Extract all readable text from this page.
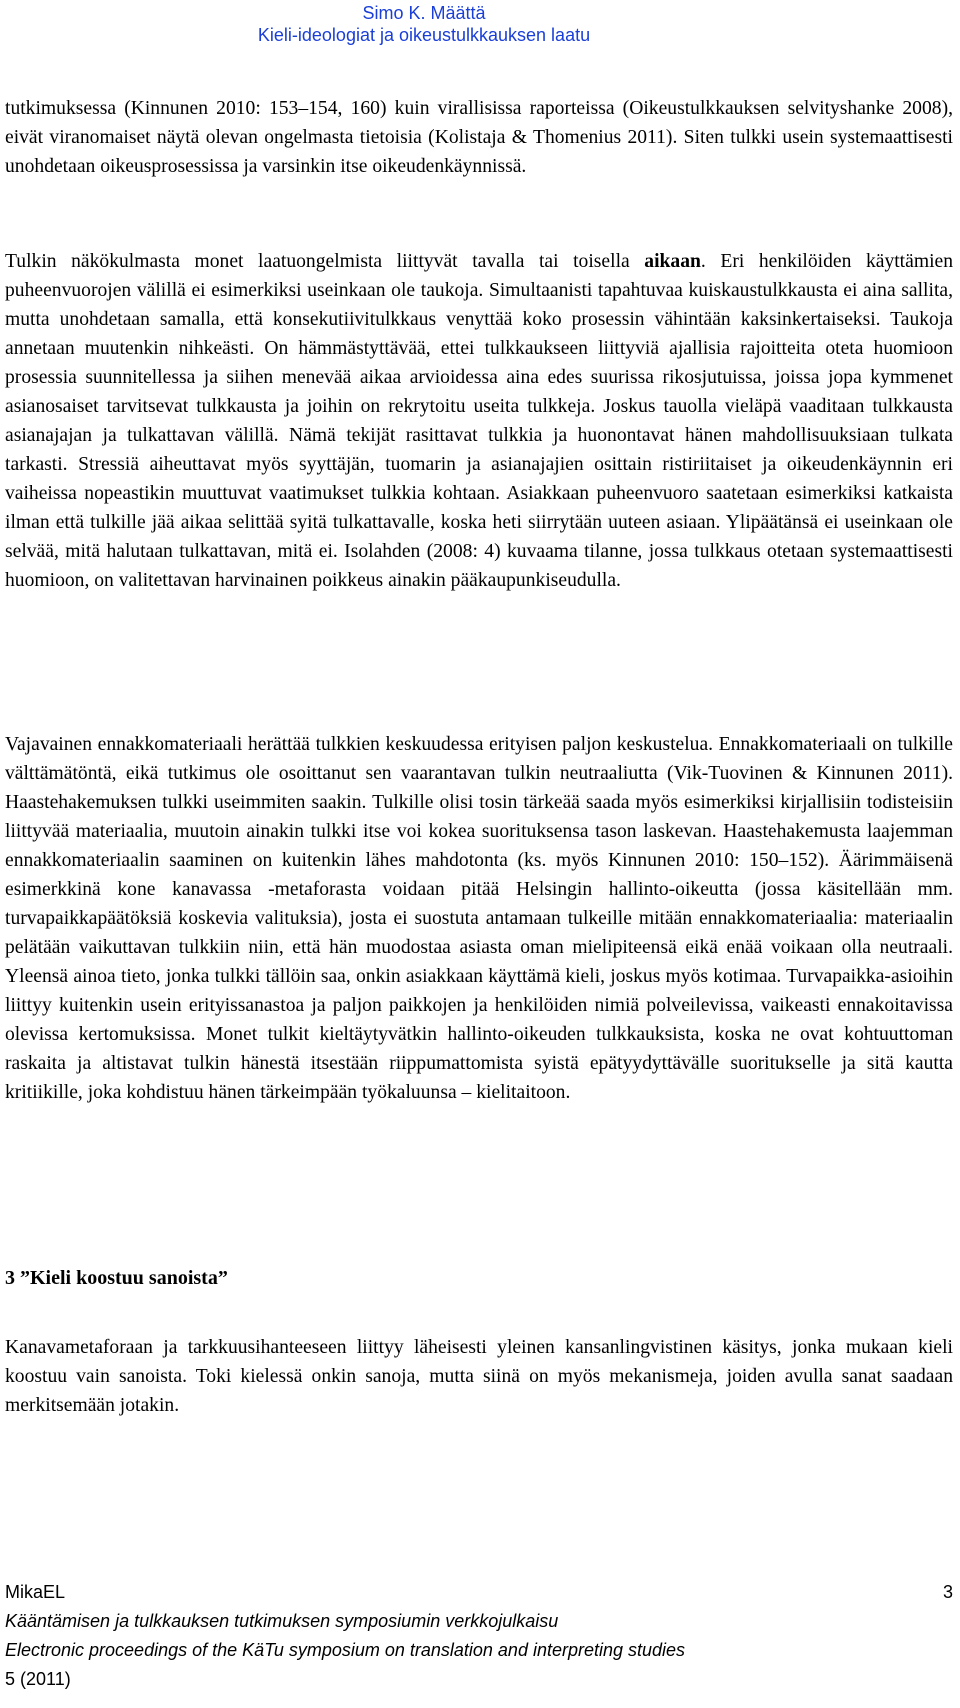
Simo K. Määttä
Kieli-ideologiat ja oikeustulkkauksen laatu

tutkimuksessa (Kinnunen 2010: 153–154, 160) kuin virallisissa raporteissa (Oikeustulkkauksen selvityshanke 2008), eivät viranomaiset näytä olevan ongelmasta tietoisia (Kolistaja & Thomenius 2011). Siten tulkki usein systemaattisesti unohdetaan oikeusprosessissa ja varsinkin itse oikeudenkäynnissä.

Tulkin näkökulmasta monet laatuongelmista liittyvät tavalla tai toisella aikaan. Eri henkilöiden käyttämien puheenvuorojen välillä ei esimerkiksi useinkaan ole taukoja. Simultaanisti tapahtuvaa kuiskaustulkkausta ei aina sallita, mutta unohdetaan samalla, että konsekutiivitulkkaus venyttää koko prosessin vähintään kaksinkertaiseksi. Taukoja annetaan muutenkin nihkeästi. On hämmästyttävää, ettei tulkkaukseen liittyviä ajallisia rajoitteita oteta huomioon prosessia suunnitellessa ja siihen menevää aikaa arvioidessa aina edes suurissa rikosjutuissa, joissa jopa kymmenet asianosaiset tarvitsevat tulkkausta ja joihin on rekrytoitu useita tulkkeja. Joskus tauolla vieläpä vaaditaan tulkkausta asianajajan ja tulkattavan välillä. Nämä tekijät rasittavat tulkkia ja huonontavat hänen mahdollisuuksiaan tulkata tarkasti. Stressiä aiheuttavat myös syyttäjän, tuomarin ja asianajajien osittain ristiriitaiset ja oikeudenkäynnin eri vaiheissa nopeastikin muuttuvat vaatimukset tulkkia kohtaan. Asiakkaan puheenvuoro saatetaan esimerkiksi katkaista ilman että tulkille jää aikaa selittää syitä tulkattavalle, koska heti siirrytään uuteen asiaan. Ylipäätänsä ei useinkaan ole selvää, mitä halutaan tulkattavan, mitä ei. Isolahden (2008: 4) kuvaama tilanne, jossa tulkkaus otetaan systemaattisesti huomioon, on valitettavan harvinainen poikkeus ainakin pääkaupunkiseudulla.

Vajavainen ennakkomateriaali herättää tulkkien keskuudessa erityisen paljon keskustelua. Ennakkomateriaali on tulkille välttämätöntä, eikä tutkimus ole osoittanut sen vaarantavan tulkin neutraaliutta (Vik-Tuovinen & Kinnunen 2011). Haastehakemuksen tulkki useimmiten saakin. Tulkille olisi tosin tärkeää saada myös esimerkiksi kirjallisiin todisteisiin liittyvää materiaalia, muutoin ainakin tulkki itse voi kokea suorituksensa tason laskevan. Haastehakemusta laajemman ennakkomateriaalin saaminen on kuitenkin lähes mahdotonta (ks. myös Kinnunen 2010: 150–152). Äärimmäisenä esimerkkinä kone kanavassa -metaforasta voidaan pitää Helsingin hallinto-oikeutta (jossa käsitellään mm. turvapaikkapäätöksiä koskevia valituksia), josta ei suostuta antamaan tulkeille mitään ennakkomateriaalia: materiaalin pelätään vaikuttavan tulkkiin niin, että hän muodostaa asiasta oman mielipiteensä eikä enää voikaan olla neutraali. Yleensä ainoa tieto, jonka tulkki tällöin saa, onkin asiakkaan käyttämä kieli, joskus myös kotimaa. Turvapaikka-asioihin liittyy kuitenkin usein erityissanastoa ja paljon paikkojen ja henkilöiden nimiä polveilevissa, vaikeasti ennakoitavissa olevissa kertomuksissa. Monet tulkit kieltäytyvätkin hallinto-oikeuden tulkkauksista, koska ne ovat kohtuuttoman raskaita ja altistavat tulkin hänestä itsestään riippumattomista syistä epätyydyttävälle suoritukselle ja sitä kautta kritiikille, joka kohdistuu hänen tärkeimpään työkaluunsa – kielitaitoon.

3 ”Kieli koostuu sanoista”

Kanavametaforaan ja tarkkuusihanteeseen liittyy läheisesti yleinen kansanlingvistinen käsitys, jonka mukaan kieli koostuu vain sanoista. Toki kielessä onkin sanoja, mutta siinä on myös mekanismeja, joiden avulla sanat saadaan merkitsemään jotakin.

MikaEL	3
Kääntämisen ja tulkkauksen tutkimuksen symposiumin verkkojulkaisu
Electronic proceedings of the KäTu symposium on translation and interpreting studies
5 (2011)
